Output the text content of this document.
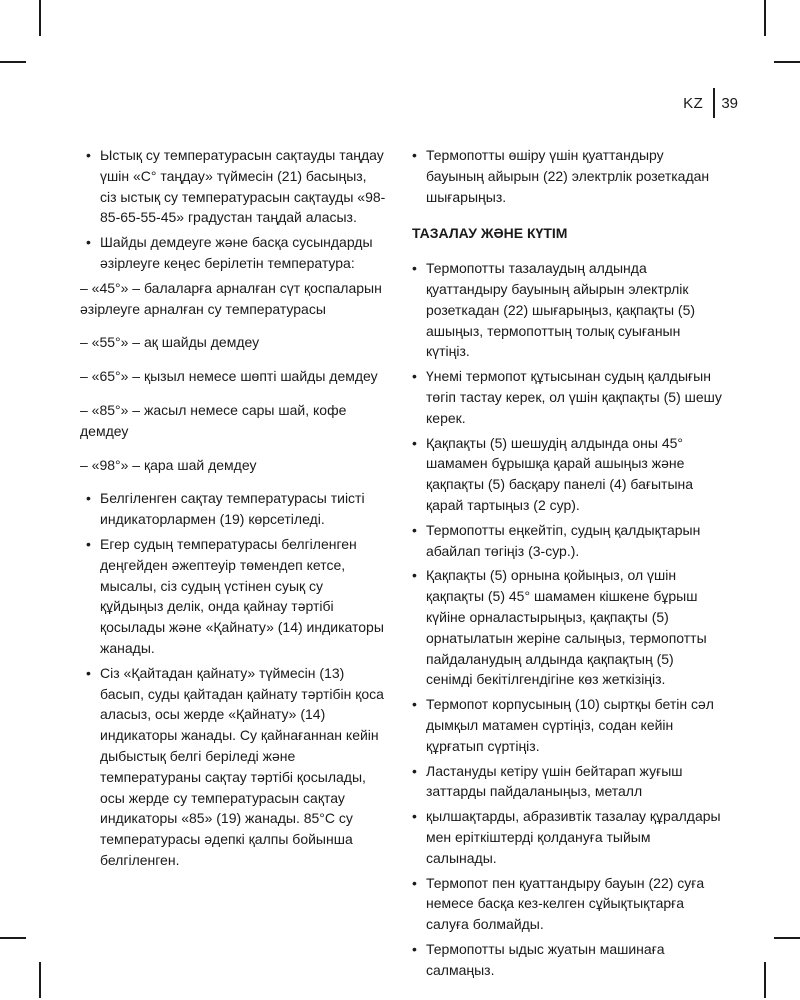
KZ 39
• Ыстық су температурасын сақтауды таңдау үшін «C° таңдау» түймесін (21) басыңыз, сіз ыстық су температурасын сақтауды «98-85-65-55-45» градустан таңдай аласыз.
• Шайды демдеуге және басқа сусындарды әзірлеуге кеңес берілетін температура:
– «45°» – балаларға арналған сүт қоспаларын әзірлеуге арналған су температурасы
– «55°» – ақ шайды демдеу
– «65°» – қызыл немесе шөпті шайды демдеу
– «85°» – жасыл немесе сары шай, кофе демдеу
– «98°» – қара шай демдеу
• Белгіленген сақтау температурасы тиісті индикаторлармен (19) көрсетіледі.
• Егер судың температурасы белгіленген деңгейден әжептеуір төмендеп кетсе, мысалы, сіз судың үстінен суық су құйдыңыз делік, онда қайнау тәртібі қосылады және «Қайнату» (14) индикаторы жанады.
• Сіз «Қайтадан қайнату» түймесін (13) басып, суды қайтадан қайнату тәртібін қоса аласыз, осы жерде «Қайнату» (14) индикаторы жанады. Су қайнағаннан кейін дыбыстық белгі беріледі және температураны сақтау тәртібі қосылады, осы жерде су температурасын сақтау индикаторы «85» (19) жанады. 85°C су температурасы әдепкі қалпы бойынша белгіленген.
• Термопотты өшіру үшін қуаттандыру бауының айырын (22) электрлік розеткадан шығарыңыз.
ТАЗАЛАУ ЖӘНЕ КҮТІМ
• Термопотты тазалаудың алдында қуаттандыру бауының айырын электрлік розеткадан (22) шығарыңыз, қақпақты (5) ашыңыз, термопоттың толық суығанын күтіңіз.
• Үнемі термопот құтысынан судың қалдығын төгіп тастау керек, ол үшін қақпақты (5) шешу керек.
• Қақпақты (5) шешудің алдында оны 45° шамамен бұрышқа қарай ашыңыз және қақпақты (5) басқару панелі (4) бағытына қарай тартыңыз (2 сур).
• Термопотты еңкейтіп, судың қалдықтарын абайлап төгіңіз (3-сур.).
• Қақпақты (5) орнына қойыңыз, ол үшін қақпақты (5) 45° шамамен кішкене бұрыш күйіне орналастырыңыз, қақпақты (5) орнатылатын жеріне салыңыз, термопотты пайдаланудың алдында қақпақтың (5) сенімді бекітілгендігіне көз жеткізіңіз.
• Термопот корпусының (10) сыртқы бетін сәл дымқыл матамен сүртіңіз, содан кейін құрғатып сүртіңіз.
• Ластануды кетіру үшін бейтарап жуғыш заттарды пайдаланыңыз, металл
• қылшақтарды, абразивтік тазалау құралдары мен еріткіштерді қолдануға тыйым салынады.
• Термопот пен қуаттандыру бауын (22) суға немесе басқа кез-келген сұйықтықтарға салуға болмайды.
• Термопотты ыдыс жуатын машинаға салмаңыз.
